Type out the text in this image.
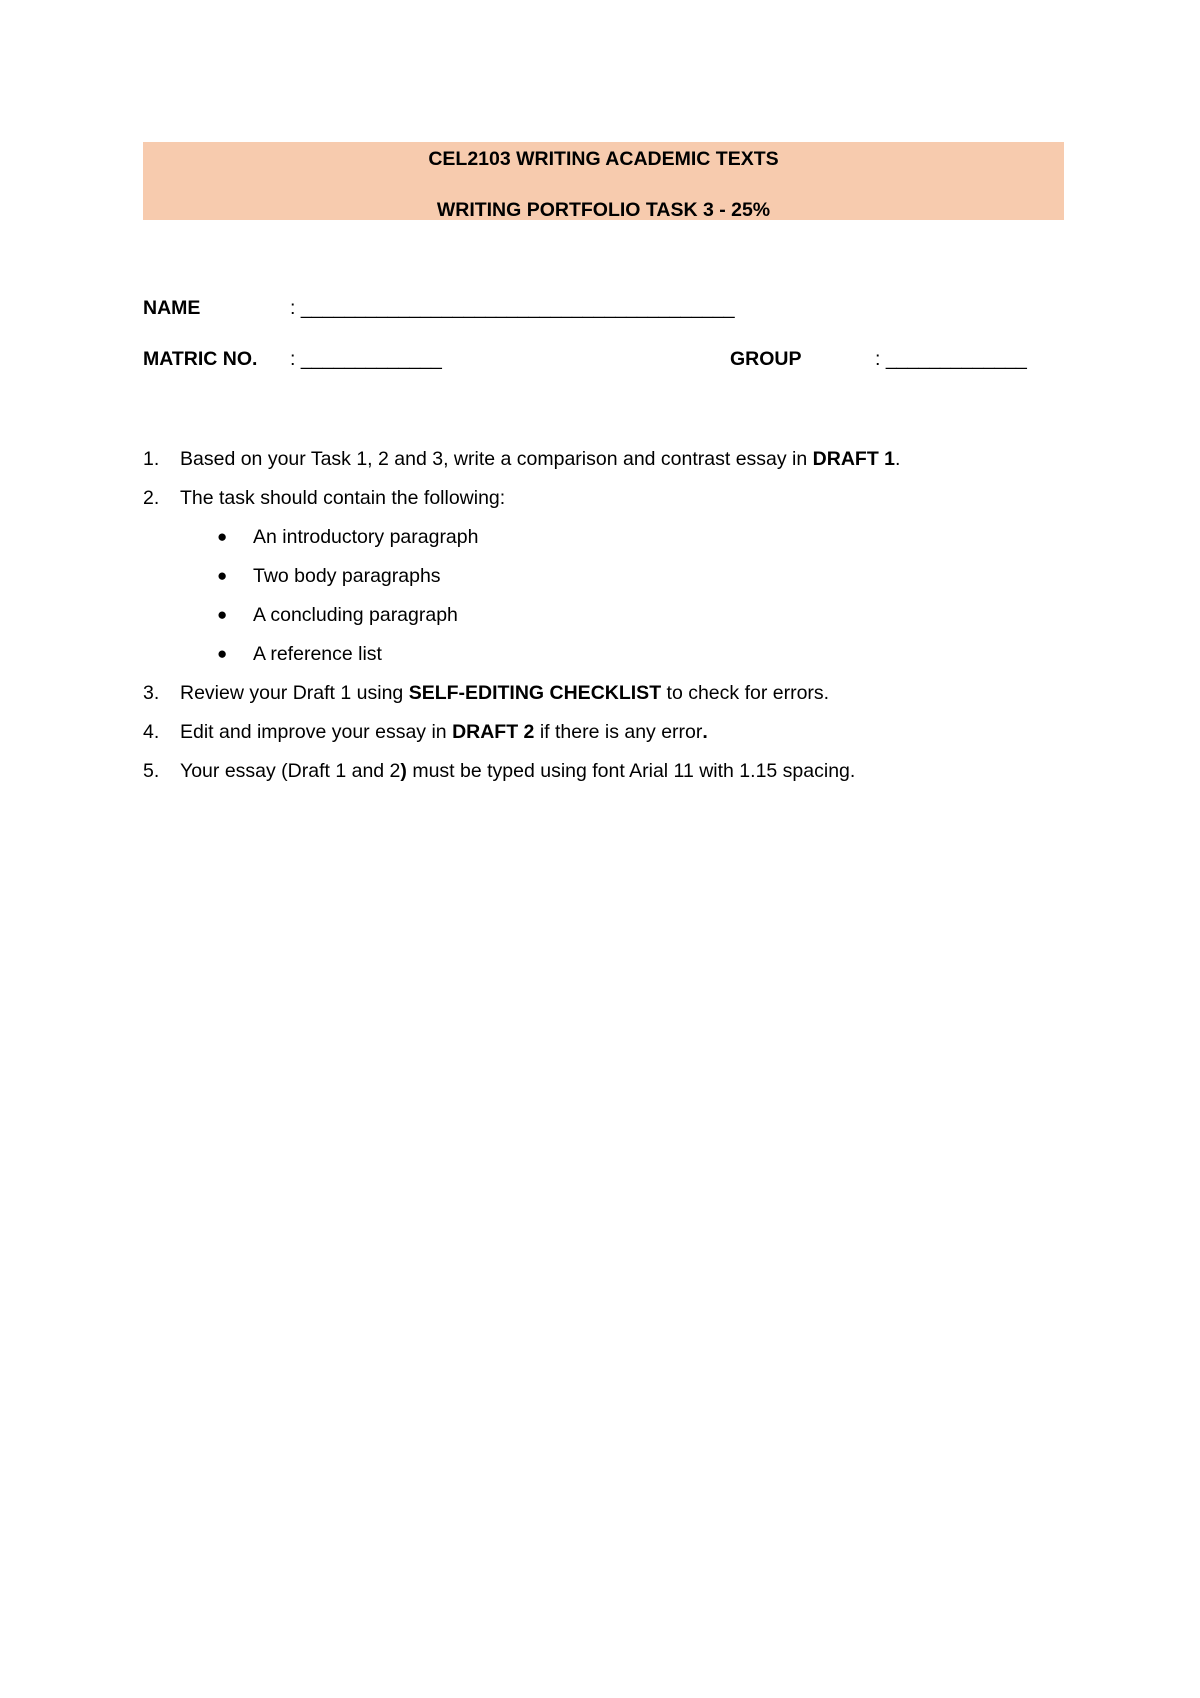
CEL2103 WRITING ACADEMIC TEXTS
WRITING PORTFOLIO TASK 3 - 25%
NAME	: ________________________________________
MATRIC NO. : _____________	GROUP	: _____________
1.	Based on your Task 1, 2 and 3, write a comparison and contrast essay in DRAFT 1.
2.	The task should contain the following:
● An introductory paragraph
● Two body paragraphs
● A concluding paragraph
● A reference list
3.	Review your Draft 1 using SELF-EDITING CHECKLIST to check for errors.
4.	Edit and improve your essay in DRAFT 2 if there is any error.
5.	Your essay (Draft 1 and 2) must be typed using font Arial 11 with 1.15 spacing.
